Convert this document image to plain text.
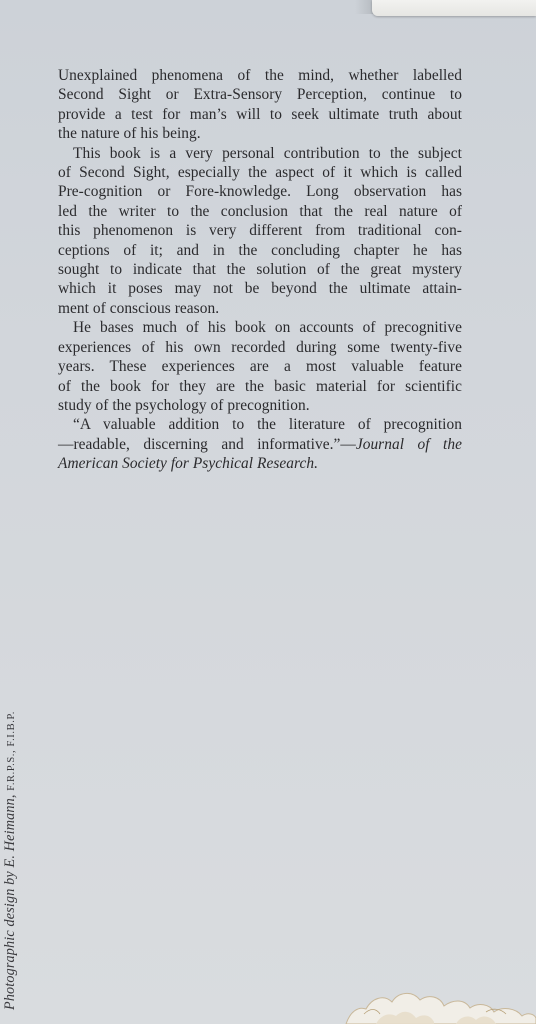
Unexplained phenomena of the mind, whether labelled
Second Sight or Extra-Sensory Perception, continue to
provide a test for man’s will to seek ultimate truth about
the nature of his being.

This book is a very personal contribution to the subject
of Second Sight, especially the aspect of it which is called
Pre-cognition or Fore-knowledge. Long observation has
led the writer to the conclusion that the real nature of
this phenomenon is very different from traditional con-
ceptions of it; and in the concluding chapter he has
sought to indicate that the solution of the great mystery
which it poses may not be beyond the ultimate attain-
ment of conscious reason.

He bases much of his book on accounts of precognitive
experiences of his own recorded during some twenty-five
years. These experiences are a most valuable feature
of the book for they are the basic material for scientific
study of the psychology of precognition.

“A valuable addition to the literature of precognition
—readable, discerning and informative.”—Journal of the
American Society for Psychical Research.

Photographic design by E. Heimann, F.R.P.S., F.I.B.P.
